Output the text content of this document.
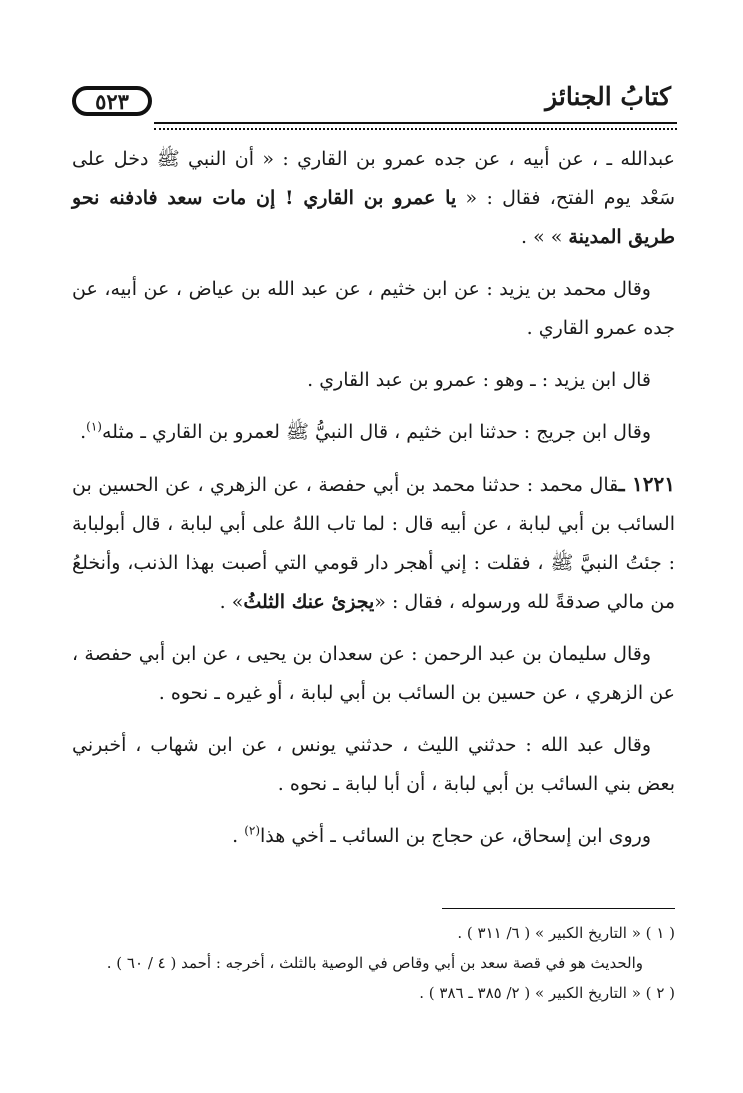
٥٢٣	كتابُ الجنائز

عبدالله ـ ، عن أبيه ، عن جده عمرو بن القاري : « أن النبي ﷺ دخل على سَعْد يوم الفتح، فقال : « يا عمرو بن القاري ! إن مات سعد فادفنه نحو طريق المدينة » » .

وقال محمد بن يزيد : عن ابن خثيم ، عن عبد الله بن عياض ، عن أبيه، عن جده عمرو القاري .

قال ابن يزيد : ـ وهو : عمرو بن عبد القاري .

وقال ابن جريج : حدثنا ابن خثيم ، قال النبيُّ ﷺ لعمرو بن القاري ـ مثله$^{(١)}$.

١٢٢١ ـقال محمد : حدثنا محمد بن أبي حفصة ، عن الزهري ، عن الحسين بن السائب بن أبي لبابة ، عن أبيه قال : لما تاب اللهُ على أبي لبابة ، قال أبولبابة : جئتُ النبيَّ ﷺ ، فقلت : إني أهجر دار قومي التي أصبت بهذا الذنب، وأنخلعُ من مالي صدقةً لله ورسوله ، فقال : «يجزئ عنك الثلثُ» .

وقال سليمان بن عبد الرحمن : عن سعدان بن يحيى ، عن ابن أبي حفصة ، عن الزهري ، عن حسين بن السائب بن أبي لبابة ، أو غيره ـ نحوه .

وقال عبد الله : حدثني الليث ، حدثني يونس ، عن ابن شهاب ، أخبرني بعض بني السائب بن أبي لبابة ، أن أبا لبابة ـ نحوه .

وروى ابن إسحاق، عن حجاج بن السائب ـ أخي هذا$^{(٢)}$ .

( ١ ) « التاريخ الكبير » ( ٦/ ٣١١ ) .

والحديث هو في قصة سعد بن أبي وقاص في الوصية بالثلث ، أخرجه : أحمد ( ٤ / ٦٠ ) .

( ٢ ) « التاريخ الكبير » ( ٢/ ٣٨٥ ـ ٣٨٦ ) .
